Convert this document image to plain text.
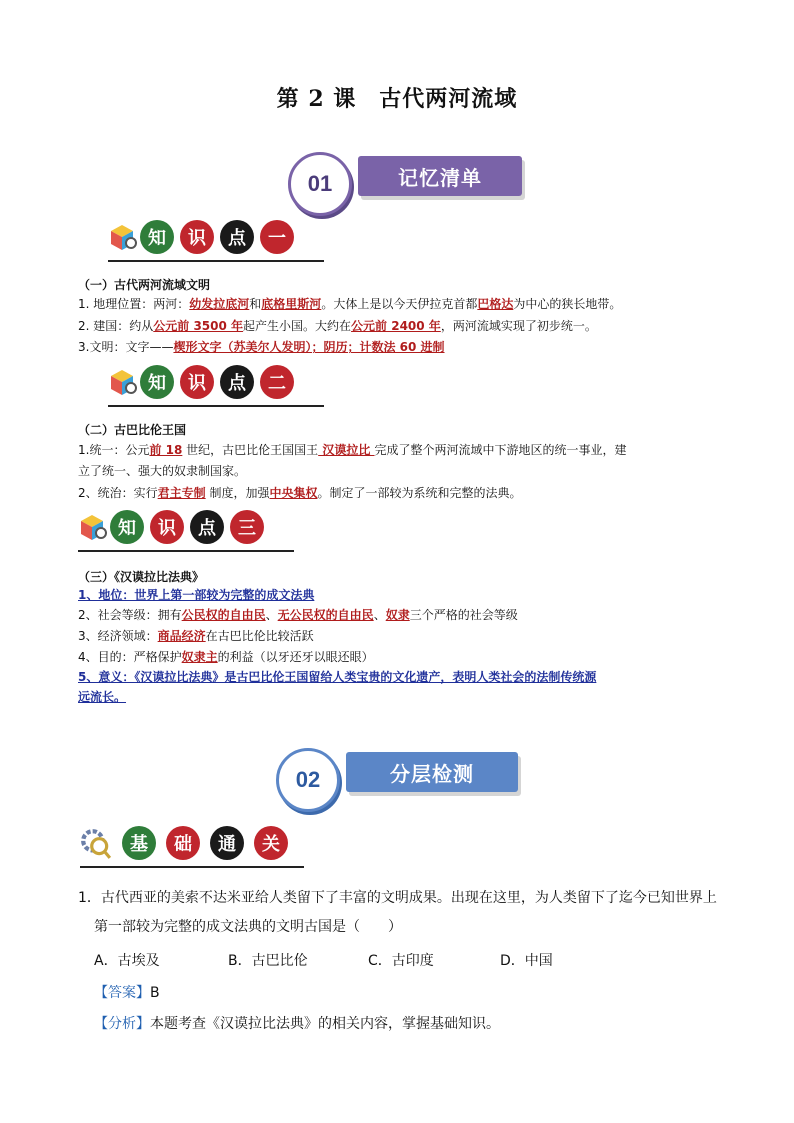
第 2 课　古代两河流域
01	记忆清单
知	识	点	一
（一）古代两河流域文明
1. 地理位置：两河：幼发拉底河和底格里斯河。大体上是以今天伊拉克首都巴格达为中心的狭长地带。
2. 建国：约从公元前 3500 年起产生小国。大约在公元前 2400 年，两河流域实现了初步统一。
3.文明：文字——楔形文字（苏美尔人发明）；阴历；计数法 60 进制
知	识	点	二
（二）古巴比伦王国
1.统一：公元前 18 世纪，古巴比伦王国国王 汉谟拉比 完成了整个两河流域中下游地区的统一事业，建
立了统一、强大的奴隶制国家。
2、统治：实行君主专制 制度，加强中央集权。制定了一部较为系统和完整的法典。
知	识	点	三
（三）《汉谟拉比法典》
1、地位：世界上第一部较为完整的成文法典
2、社会等级：拥有公民权的自由民、无公民权的自由民、奴隶三个严格的社会等级
3、经济领域：商品经济在古巴比伦比较活跃
4、目的：严格保护奴隶主的利益（以牙还牙以眼还眼）
5、意义：《汉谟拉比法典》是古巴比伦王国留给人类宝贵的文化遗产，表明人类社会的法制传统源
远流长。
02	分层检测
基	础	通	关
1．古代西亚的美索不达米亚给人类留下了丰富的文明成果。出现在这里，为人类留下了迄今已知世界上
第一部较为完整的成文法典的文明古国是（　　）
A．古埃及	B．古巴比伦	C．古印度	D．中国
【答案】B
【分析】本题考查《汉谟拉比法典》的相关内容，掌握基础知识。
